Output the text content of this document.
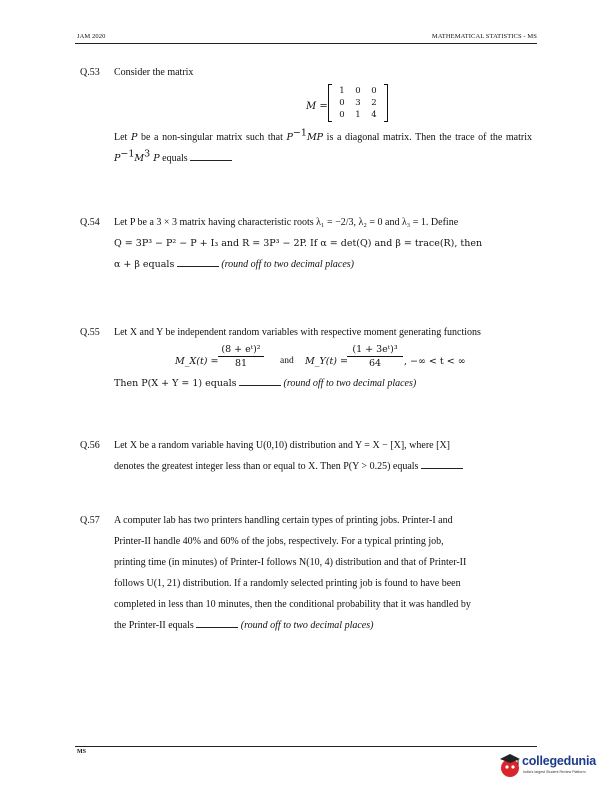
JAM 2020	MATHEMATICAL STATISTICS - MS
Q.53 Consider the matrix
M =
1	0	0
0	3	2
0	1	4
Let P be a non-singular matrix such that $P^{-1}MP$ is a diagonal matrix. Then the trace of the matrix $P^{-1}M^3$ P equals
Q.54 Let P be a 3 × 3 matrix having characteristic roots λ₁ = −2/3, λ₂ = 0 and λ₃ = 1. Define
Q = 3P³ − P² − P + I₃ and R = 3P³ − 2P. If α = det(Q) and β = trace(R), then
α + β equals	(round off to two decimal places)
Q.55 Let X and Y be independent random variables with respective moment generating functions
M_X(t) = $\frac{\text{(8 + eᵗ)²}}{81}$ and M_Y(t) = $\frac{\text{(1 + 3eᵗ)³}}{64}$ , −∞ < t < ∞
Then P(X + Y = 1) equals	(round off to two decimal places)
Q.56 Let X be a random variable having U(0,10) distribution and Y = X − [X], where [X]
denotes the greatest integer less than or equal to X. Then P(Y > 0.25) equals
Q.57 A computer lab has two printers handling certain types of printing jobs. Printer-I and
Printer-II handle 40% and 60% of the jobs, respectively. For a typical printing job,
printing time (in minutes) of Printer-I follows N(10, 4) distribution and that of Printer-II
follows U(1, 21) distribution. If a randomly selected printing job is found to have been
completed in less than 10 minutes, then the conditional probability that it was handled by
the Printer-II equals	(round off to two decimal places)
MS
collegedunia
India's largest Student Review Platform
